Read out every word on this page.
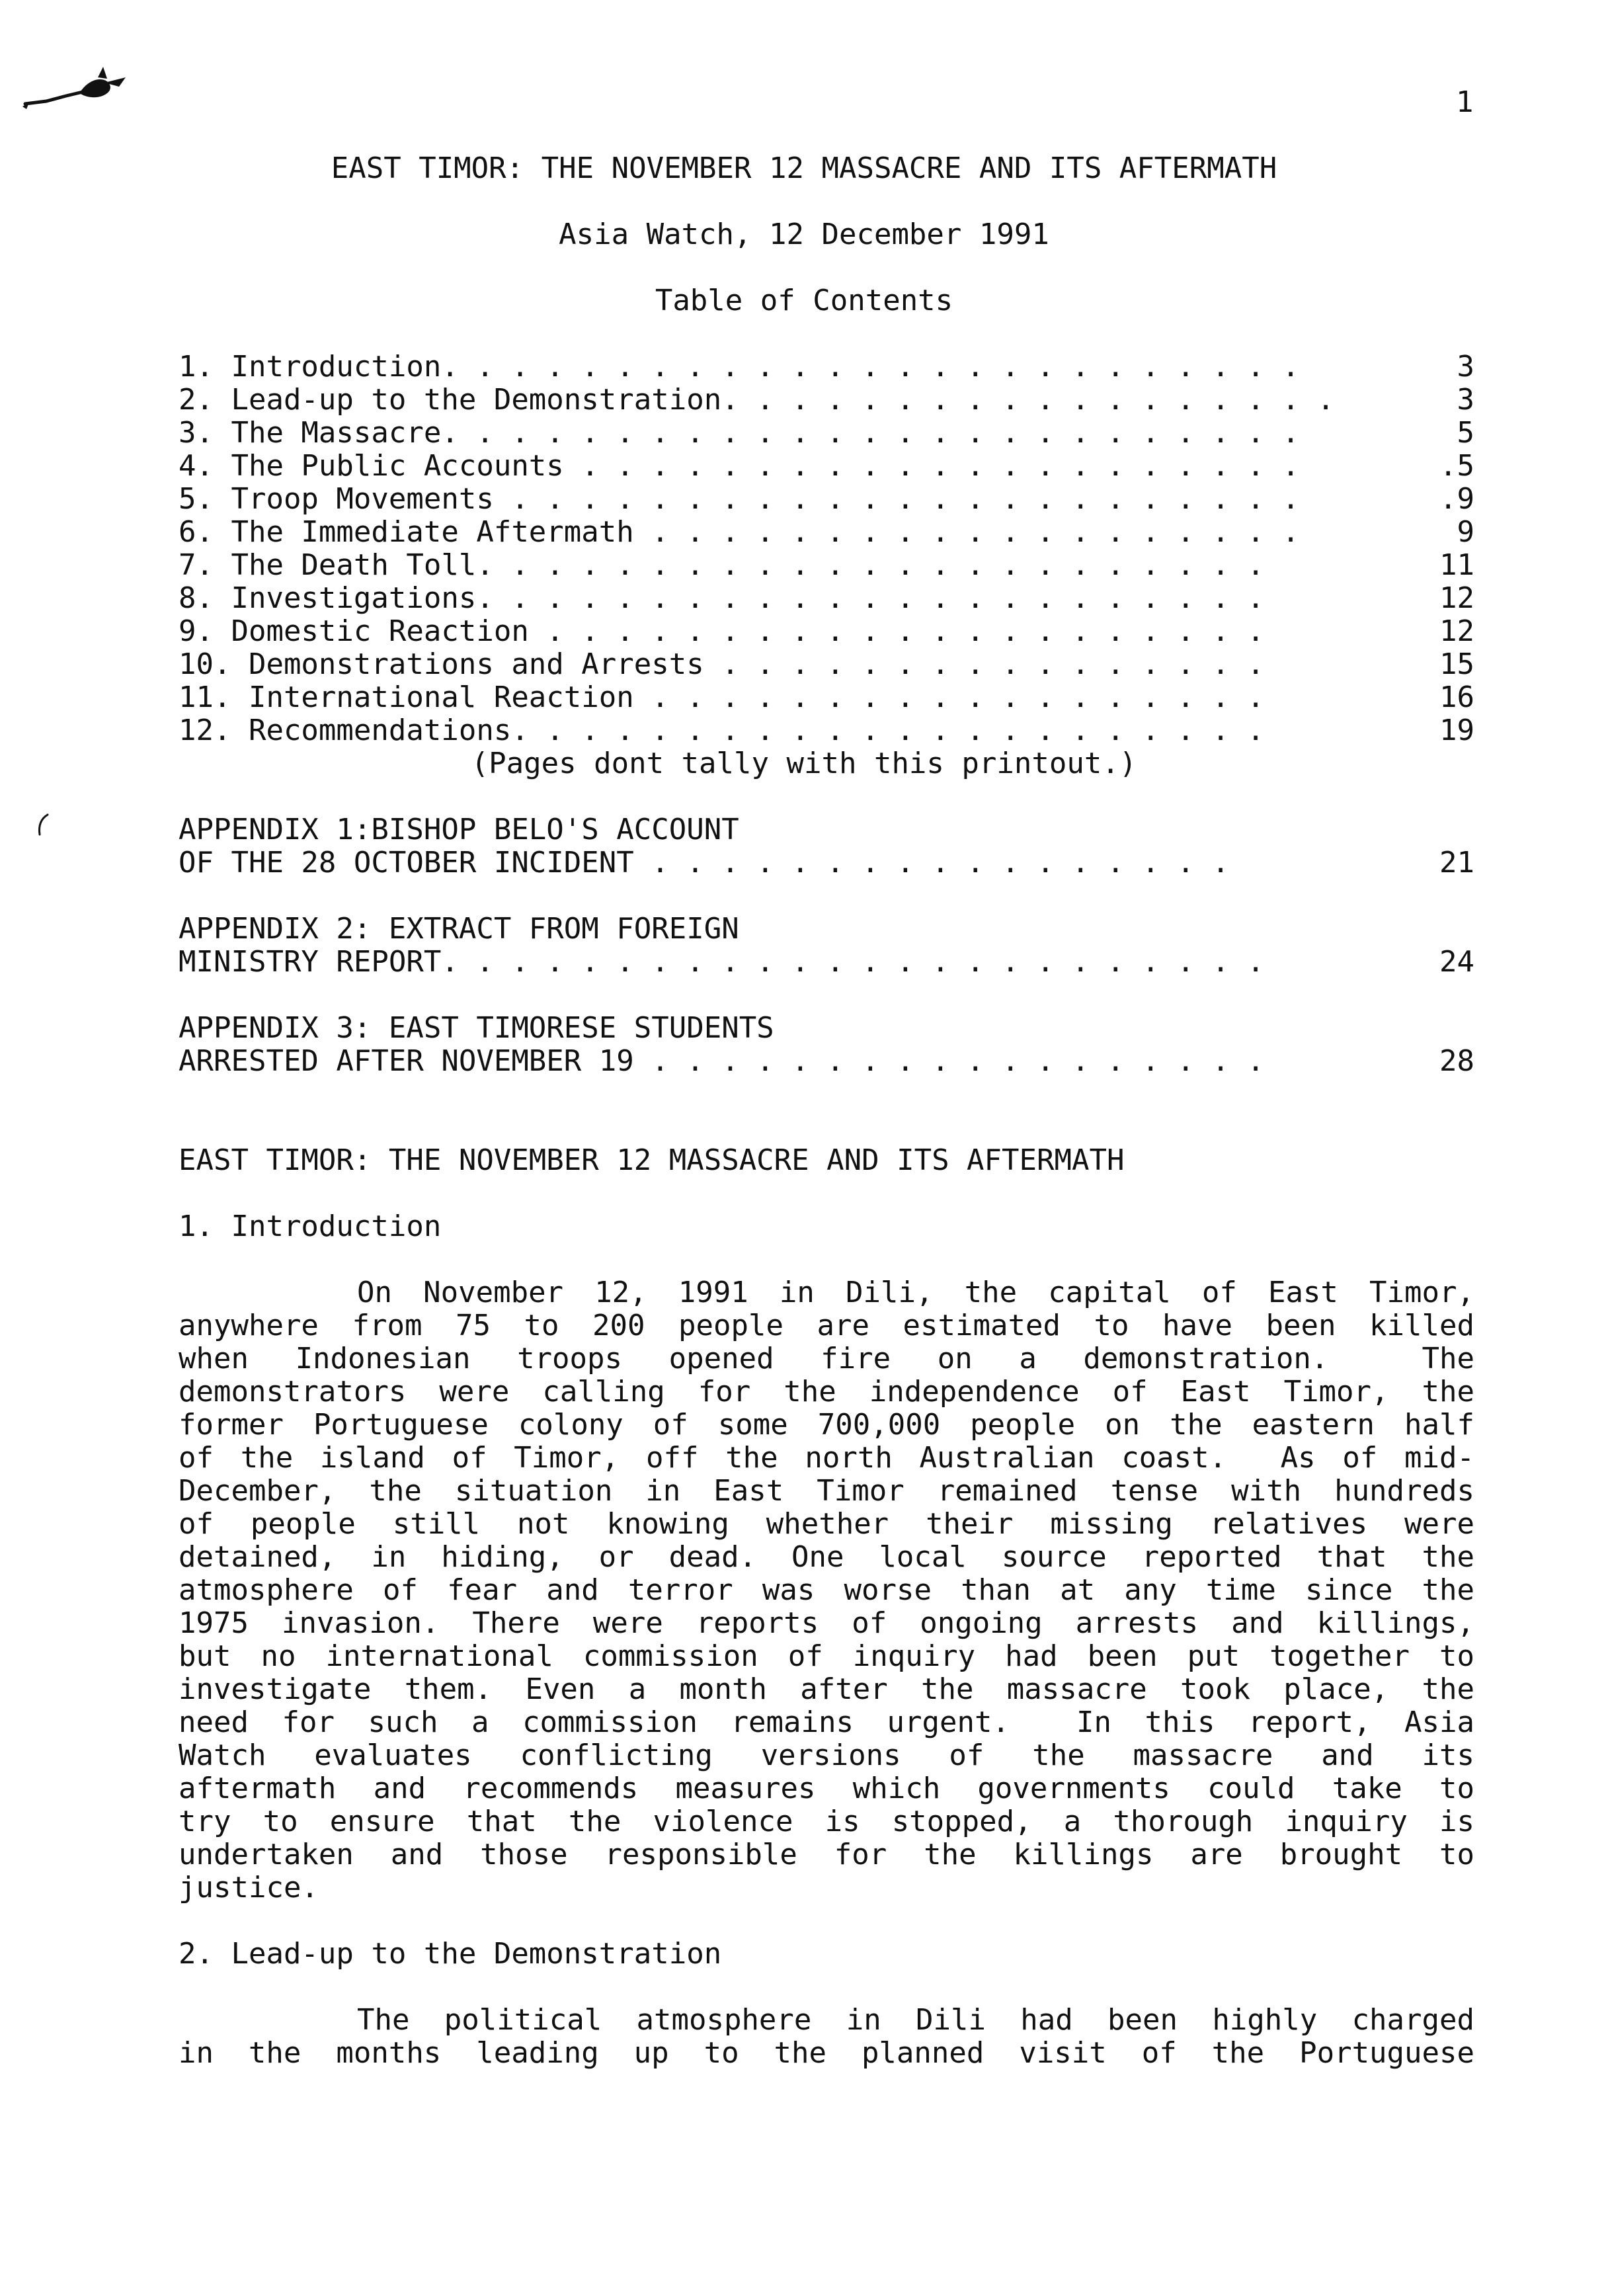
1
EAST TIMOR: THE NOVEMBER 12 MASSACRE AND ITS AFTERMATH
Asia Watch, 12 December 1991
Table of Contents
1. Introduction. . . . . . . . . . . . . . . . . . . . . . . . .	3
2. Lead-up to the Demonstration. . . . . . . . . . . . . . . . . .	3
3. The Massacre. . . . . . . . . . . . . . . . . . . . . . . . .	5
4. The Public Accounts . . . . . . . . . . . . . . . . . . . . .	.5
5. Troop Movements . . . . . . . . . . . . . . . . . . . . . . .	.9
6. The Immediate Aftermath . . . . . . . . . . . . . . . . . . .	9
7. The Death Toll. . . . . . . . . . . . . . . . . . . . . . .	11
8. Investigations. . . . . . . . . . . . . . . . . . . . . . .	12
9. Domestic Reaction . . . . . . . . . . . . . . . . . . . . .	12
10. Demonstrations and Arrests . . . . . . . . . . . . . . . .	15
11. International Reaction . . . . . . . . . . . . . . . . . .	16
12. Recommendations. . . . . . . . . . . . . . . . . . . . . .	19
(Pages dont tally with this printout.)
APPENDIX 1:BISHOP BELO'S ACCOUNT
OF THE 28 OCTOBER INCIDENT . . . . . . . . . . . . . . . . .	21
APPENDIX 2: EXTRACT FROM FOREIGN
MINISTRY REPORT. . . . . . . . . . . . . . . . . . . . . . . .	24
APPENDIX 3: EAST TIMORESE STUDENTS
ARRESTED AFTER NOVEMBER 19 . . . . . . . . . . . . . . . . . .	28
EAST TIMOR: THE NOVEMBER 12 MASSACRE AND ITS AFTERMATH
1. Introduction
On November 12, 1991 in Dili, the capital of East Timor,
anywhere from 75 to 200 people are estimated to have been killed
when Indonesian troops opened fire on a demonstration.  The
demonstrators were calling for the independence of East Timor, the
former Portuguese colony of some 700,000 people on the eastern half
of the island of Timor, off the north Australian coast.  As of mid-
December, the situation in East Timor remained tense with hundreds
of people still not knowing whether their missing relatives were
detained, in hiding, or dead. One local source reported that the
atmosphere of fear and terror was worse than at any time since the
1975 invasion. There were reports of ongoing arrests and killings,
but no international commission of inquiry had been put together to
investigate them. Even a month after the massacre took place, the
need for such a commission remains urgent.  In this report, Asia
Watch evaluates conflicting versions of the massacre and its
aftermath and recommends measures which governments could take to
try to ensure that the violence is stopped, a thorough inquiry is
undertaken and those responsible for the killings are brought to
justice.
2. Lead-up to the Demonstration
The political atmosphere in Dili had been highly charged
in the months leading up to the planned visit of the Portuguese
